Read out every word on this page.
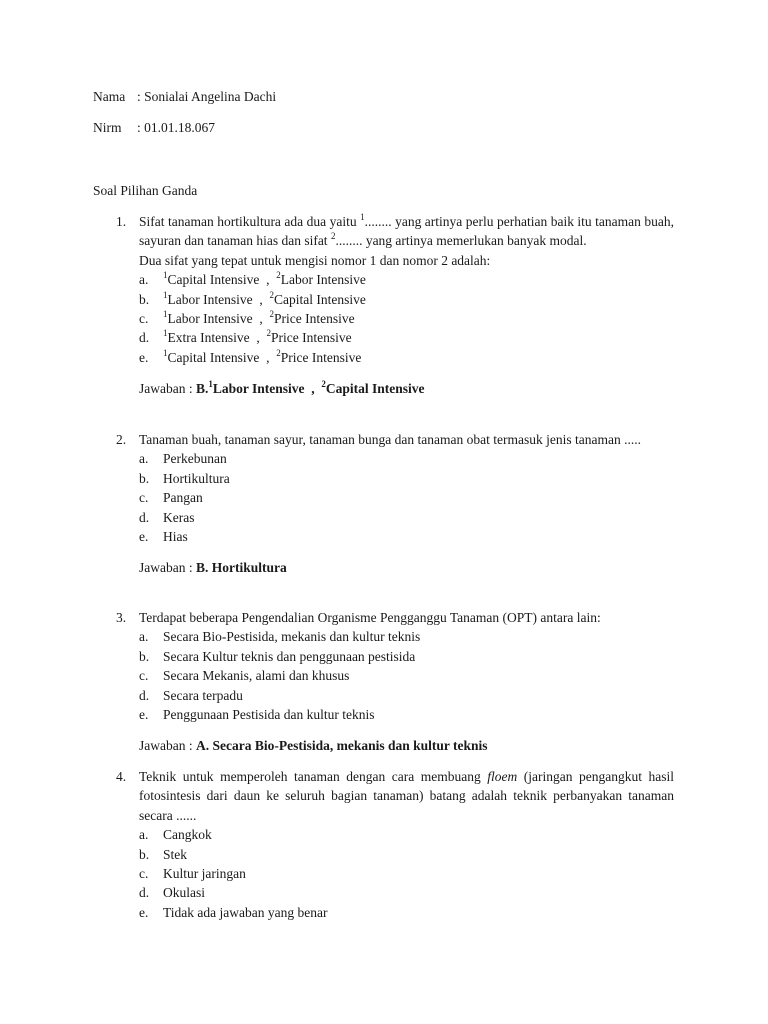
Nama : Sonialai Angelina Dachi
Nirm : 01.01.18.067
Soal Pilihan Ganda
1. Sifat tanaman hortikultura ada dua yaitu $^1$........ yang artinya perlu perhatian baik itu tanaman buah, sayuran dan tanaman hias dan sifat $^2$........ yang artinya memerlukan banyak modal.

Dua sifat yang tepat untuk mengisi nomor 1 dan nomor 2 adalah:

a. $^1$Capital Intensive  ,  $^2$Labor Intensive
b. $^1$Labor Intensive  ,  $^2$Capital Intensive
c. $^1$Labor Intensive  ,  $^2$Price Intensive
d. $^1$Extra Intensive  ,  $^2$Price Intensive
e. $^1$Capital Intensive  ,  $^2$Price Intensive
Jawaban : B.$^1$Labor Intensive  ,  $^2$Capital Intensive
2. Tanaman buah, tanaman sayur, tanaman bunga dan tanaman obat termasuk jenis tanaman .....

a. Perkebunan
b. Hortikultura
c. Pangan
d. Keras
e. Hias
Jawaban : B. Hortikultura
3. Terdapat beberapa Pengendalian Organisme Pengganggu Tanaman (OPT) antara lain:

a. Secara Bio-Pestisida, mekanis dan kultur teknis
b. Secara Kultur teknis dan penggunaan pestisida
c. Secara Mekanis, alami dan khusus
d. Secara terpadu
e. Penggunaan Pestisida dan kultur teknis
Jawaban : A. Secara Bio-Pestisida, mekanis dan kultur teknis
4. Teknik untuk memperoleh tanaman dengan cara membuang floem (jaringan pengangkut hasil fotosintesis dari daun ke seluruh bagian tanaman) batang adalah teknik perbanyakan tanaman secara ......

a. Cangkok
b. Stek
c. Kultur jaringan
d. Okulasi
e. Tidak ada jawaban yang benar
